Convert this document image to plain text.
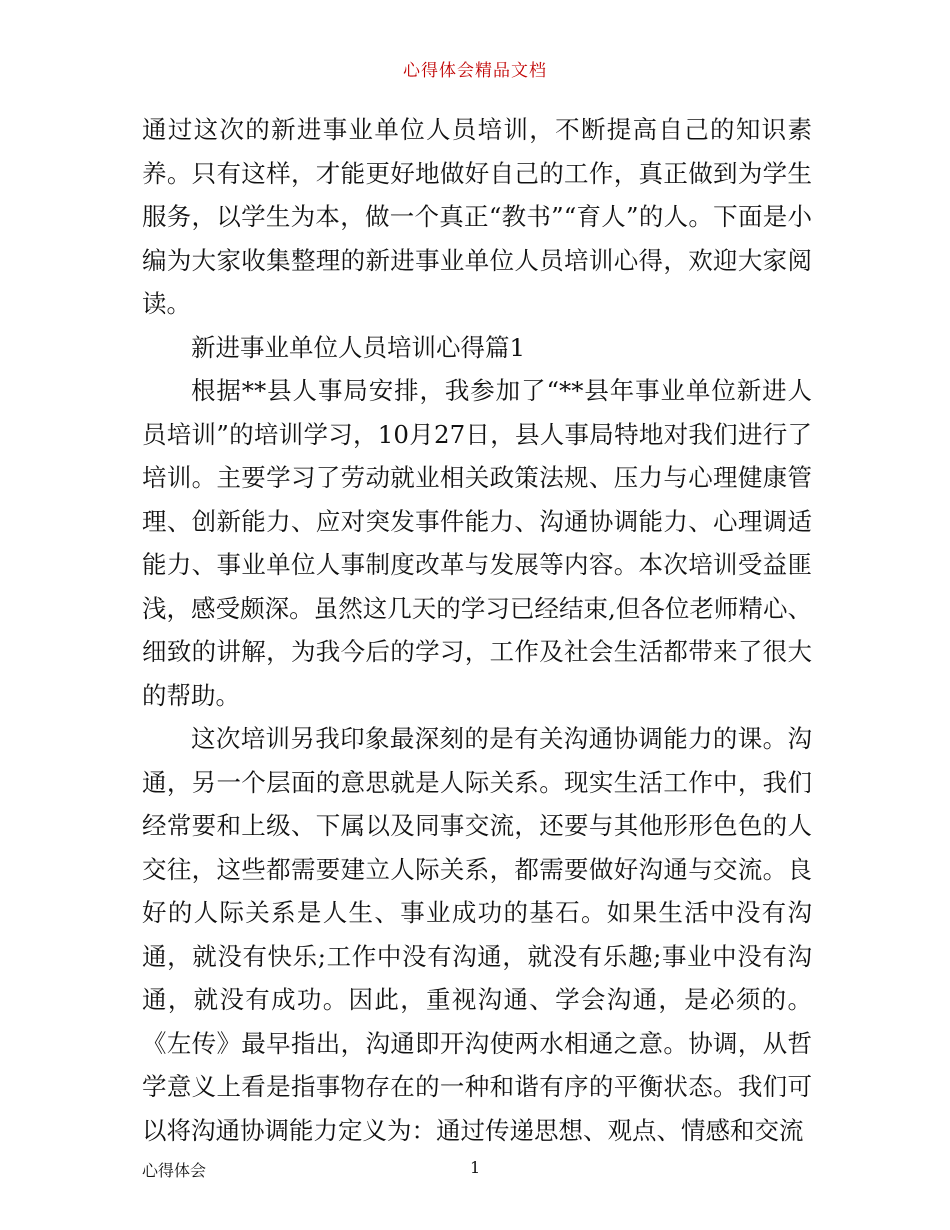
心得体会精品文档

通过这次的新进事业单位人员培训，不断提高自己的知识素养。只有这样，才能更好地做好自己的工作，真正做到为学生服务，以学生为本，做一个真正“教书”“育人”的人。下面是小编为大家收集整理的新进事业单位人员培训心得，欢迎大家阅读。

新进事业单位人员培训心得篇1

根据**县人事局安排，我参加了“**县年事业单位新进人员培训”的培训学习，10月27日，县人事局特地对我们进行了培训。主要学习了劳动就业相关政策法规、压力与心理健康管理、创新能力、应对突发事件能力、沟通协调能力、心理调适能力、事业单位人事制度改革与发展等内容。本次培训受益匪浅，感受颇深。虽然这几天的学习已经结束,但各位老师精心、细致的讲解，为我今后的学习，工作及社会生活都带来了很大的帮助。

这次培训另我印象最深刻的是有关沟通协调能力的课。沟通，另一个层面的意思就是人际关系。现实生活工作中，我们经常要和上级、下属以及同事交流，还要与其他形形色色的人交往，这些都需要建立人际关系，都需要做好沟通与交流。良好的人际关系是人生、事业成功的基石。如果生活中没有沟通，就没有快乐;工作中没有沟通，就没有乐趣;事业中没有沟通，就没有成功。因此，重视沟通、学会沟通，是必须的。《左传》最早指出，沟通即开沟使两水相通之意。协调，从哲学意义上看是指事物存在的一种和谐有序的平衡状态。我们可以将沟通协调能力定义为：通过传递思想、观点、情感和交流

心得体会	1
